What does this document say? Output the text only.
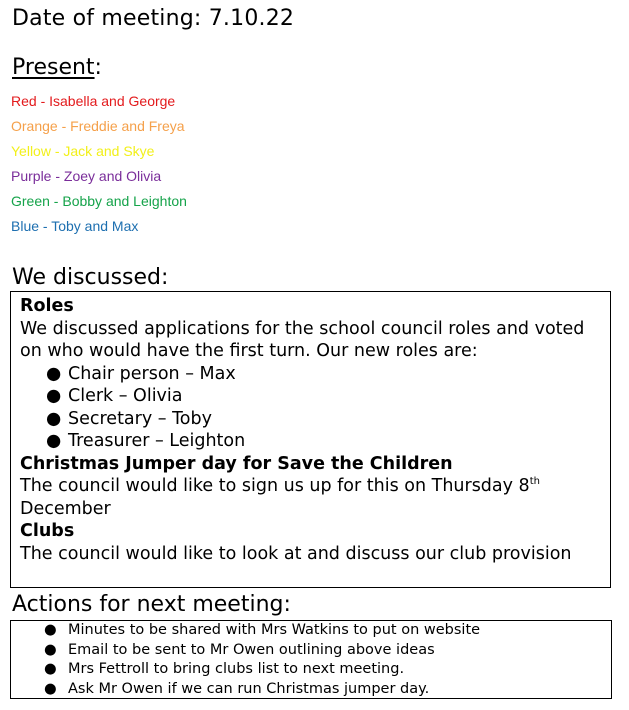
Date of meeting: 7.10.22
Present:
Red - Isabella and George
Orange - Freddie and Freya
Yellow - Jack and Skye
Purple - Zoey and Olivia
Green - Bobby and Leighton
Blue - Toby and Max
We discussed:
Roles
We discussed applications for the school council roles and voted on who would have the first turn. Our new roles are:
● Chair person – Max
● Clerk – Olivia
● Secretary – Toby
● Treasurer – Leighton
Christmas Jumper day for Save the Children
The council would like to sign us up for this on Thursday 8th
December
Clubs
The council would like to look at and discuss our club provision
Actions for next meeting:
● Minutes to be shared with Mrs Watkins to put on website
● Email to be sent to Mr Owen outlining above ideas
● Mrs Fettroll to bring clubs list to next meeting.
● Ask Mr Owen if we can run Christmas jumper day.
